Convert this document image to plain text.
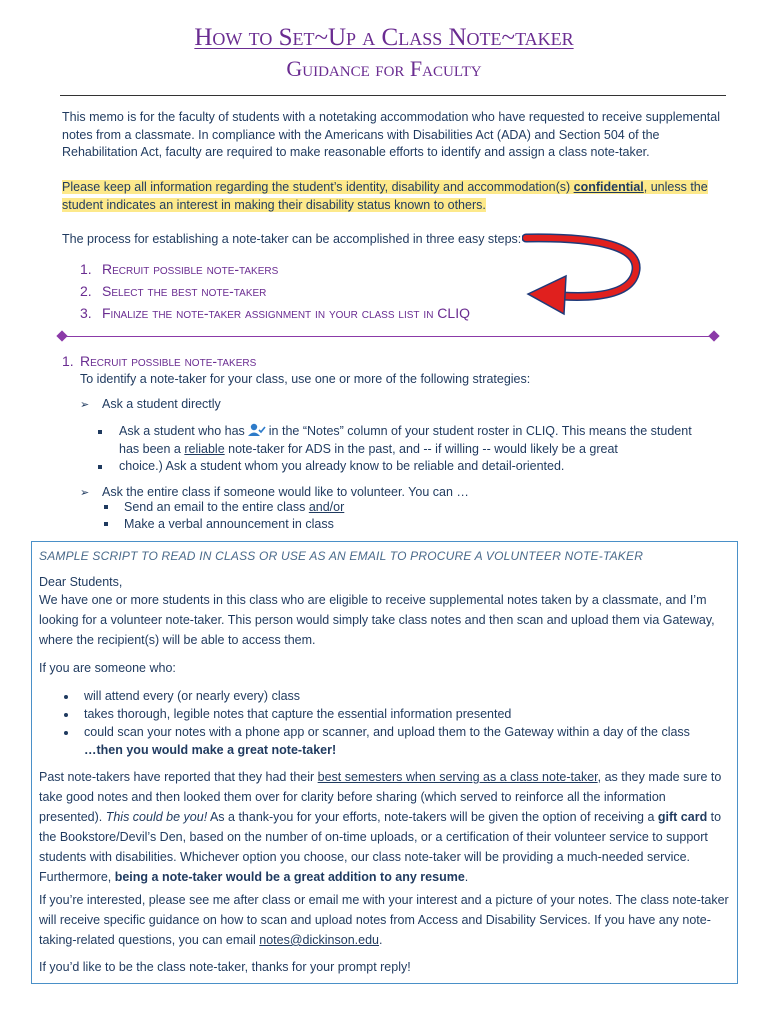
How to Set~Up a Class Note~taker
Guidance for Faculty
This memo is for the faculty of students with a notetaking accommodation who have requested to receive supplemental notes from a classmate. In compliance with the Americans with Disabilities Act (ADA) and Section 504 of the Rehabilitation Act, faculty are required to make reasonable efforts to identify and assign a class note-taker.
Please keep all information regarding the student’s identity, disability and accommodation(s) confidential, unless the student indicates an interest in making their disability status known to others.
The process for establishing a note-taker can be accomplished in three easy steps:
1. Recruit possible note-takers
2. Select the best note-taker
3. Finalize the note-taker assignment in your class list in CLIQ
1. Recruit possible note-takers
To identify a note-taker for your class, use one or more of the following strategies:
➢ Ask a student directly
Ask a student who has in the “Notes” column of your student roster in CLIQ. This means the student
has been a reliable note-taker for ADS in the past, and -- if willing -- would likely be a great
choice.) Ask a student whom you already know to be reliable and detail-oriented.
➢ Ask the entire class if someone would like to volunteer. You can …
Send an email to the entire class and/or
Make a verbal announcement in class
SAMPLE SCRIPT TO READ IN CLASS OR USE AS AN EMAIL TO PROCURE A VOLUNTEER NOTE-TAKER
Dear Students,
We have one or more students in this class who are eligible to receive supplemental notes taken by a classmate, and I’m looking for a volunteer note-taker. This person would simply take class notes and then scan and upload them via Gateway, where the recipient(s) will be able to access them.
If you are someone who:
will attend every (or nearly every) class
takes thorough, legible notes that capture the essential information presented
could scan your notes with a phone app or scanner, and upload them to the Gateway within a day of the class
…then you would make a great note-taker!
Past note-takers have reported that they had their best semesters when serving as a class note-taker, as they made sure to take good notes and then looked them over for clarity before sharing (which served to reinforce all the information presented). This could be you! As a thank-you for your efforts, note-takers will be given the option of receiving a gift card to the Bookstore/Devil’s Den, based on the number of on-time uploads, or a certification of their volunteer service to support students with disabilities. Whichever option you choose, our class note-taker will be providing a much-needed service. Furthermore, being a note-taker would be a great addition to any resume.
If you’re interested, please see me after class or email me with your interest and a picture of your notes. The class note-taker will receive specific guidance on how to scan and upload notes from Access and Disability Services. If you have any note-taking-related questions, you can email notes@dickinson.edu.
If you’d like to be the class note-taker, thanks for your prompt reply!
